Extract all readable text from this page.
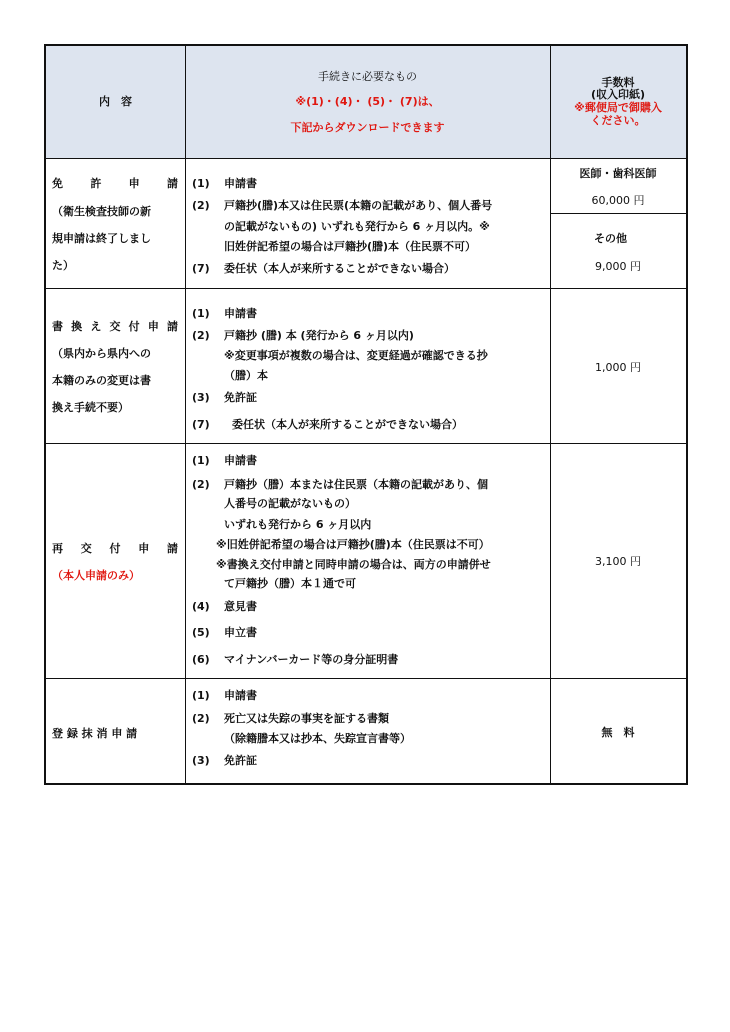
内　容
手続きに必要なもの
※(1)・(4)・ (5)・ (7)は、
下記からダウンロードできます
手数料
(収入印紙)
※郵便局で御購入
ください。
免　許　申　請
（衛生検査技師の新
規申請は終了しまし
た）
(1) 申請書
(2) 戸籍抄(謄)本又は住民票(本籍の記載があり、個人番号
の記載がないもの) いずれも発行から 6 ヶ月以内。※
旧姓併記希望の場合は戸籍抄(謄)本（住民票不可）
(7) 委任状（本人が来所することができない場合）
医師・歯科医師
60,000 円
その他
9,000 円
書 換 え 交 付 申 請
（県内から県内への
本籍のみの変更は書
換え手続不要）
(1) 申請書
(2) 戸籍抄 (謄) 本 (発行から 6 ヶ月以内)
※変更事項が複数の場合は、変更経過が確認できる抄
（謄）本
(3) 免許証
(7) 委任状（本人が来所することができない場合）
1,000 円
再　交　付　申　請
（本人申請のみ）
(1) 申請書
(2) 戸籍抄（謄）本または住民票（本籍の記載があり、個
人番号の記載がないもの）
いずれも発行から 6 ヶ月以内
※旧姓併記希望の場合は戸籍抄(謄)本（住民票は不可）
※書換え交付申請と同時申請の場合は、両方の申請併せ
て戸籍抄（謄）本１通で可
(4) 意見書
(5) 申立書
(6) マイナンバーカード等の身分証明書
3,100 円
登 録 抹 消 申 請
(1) 申請書
(2) 死亡又は失踪の事実を証する書類
（除籍謄本又は抄本、失踪宣言書等）
(3) 免許証
無　料
